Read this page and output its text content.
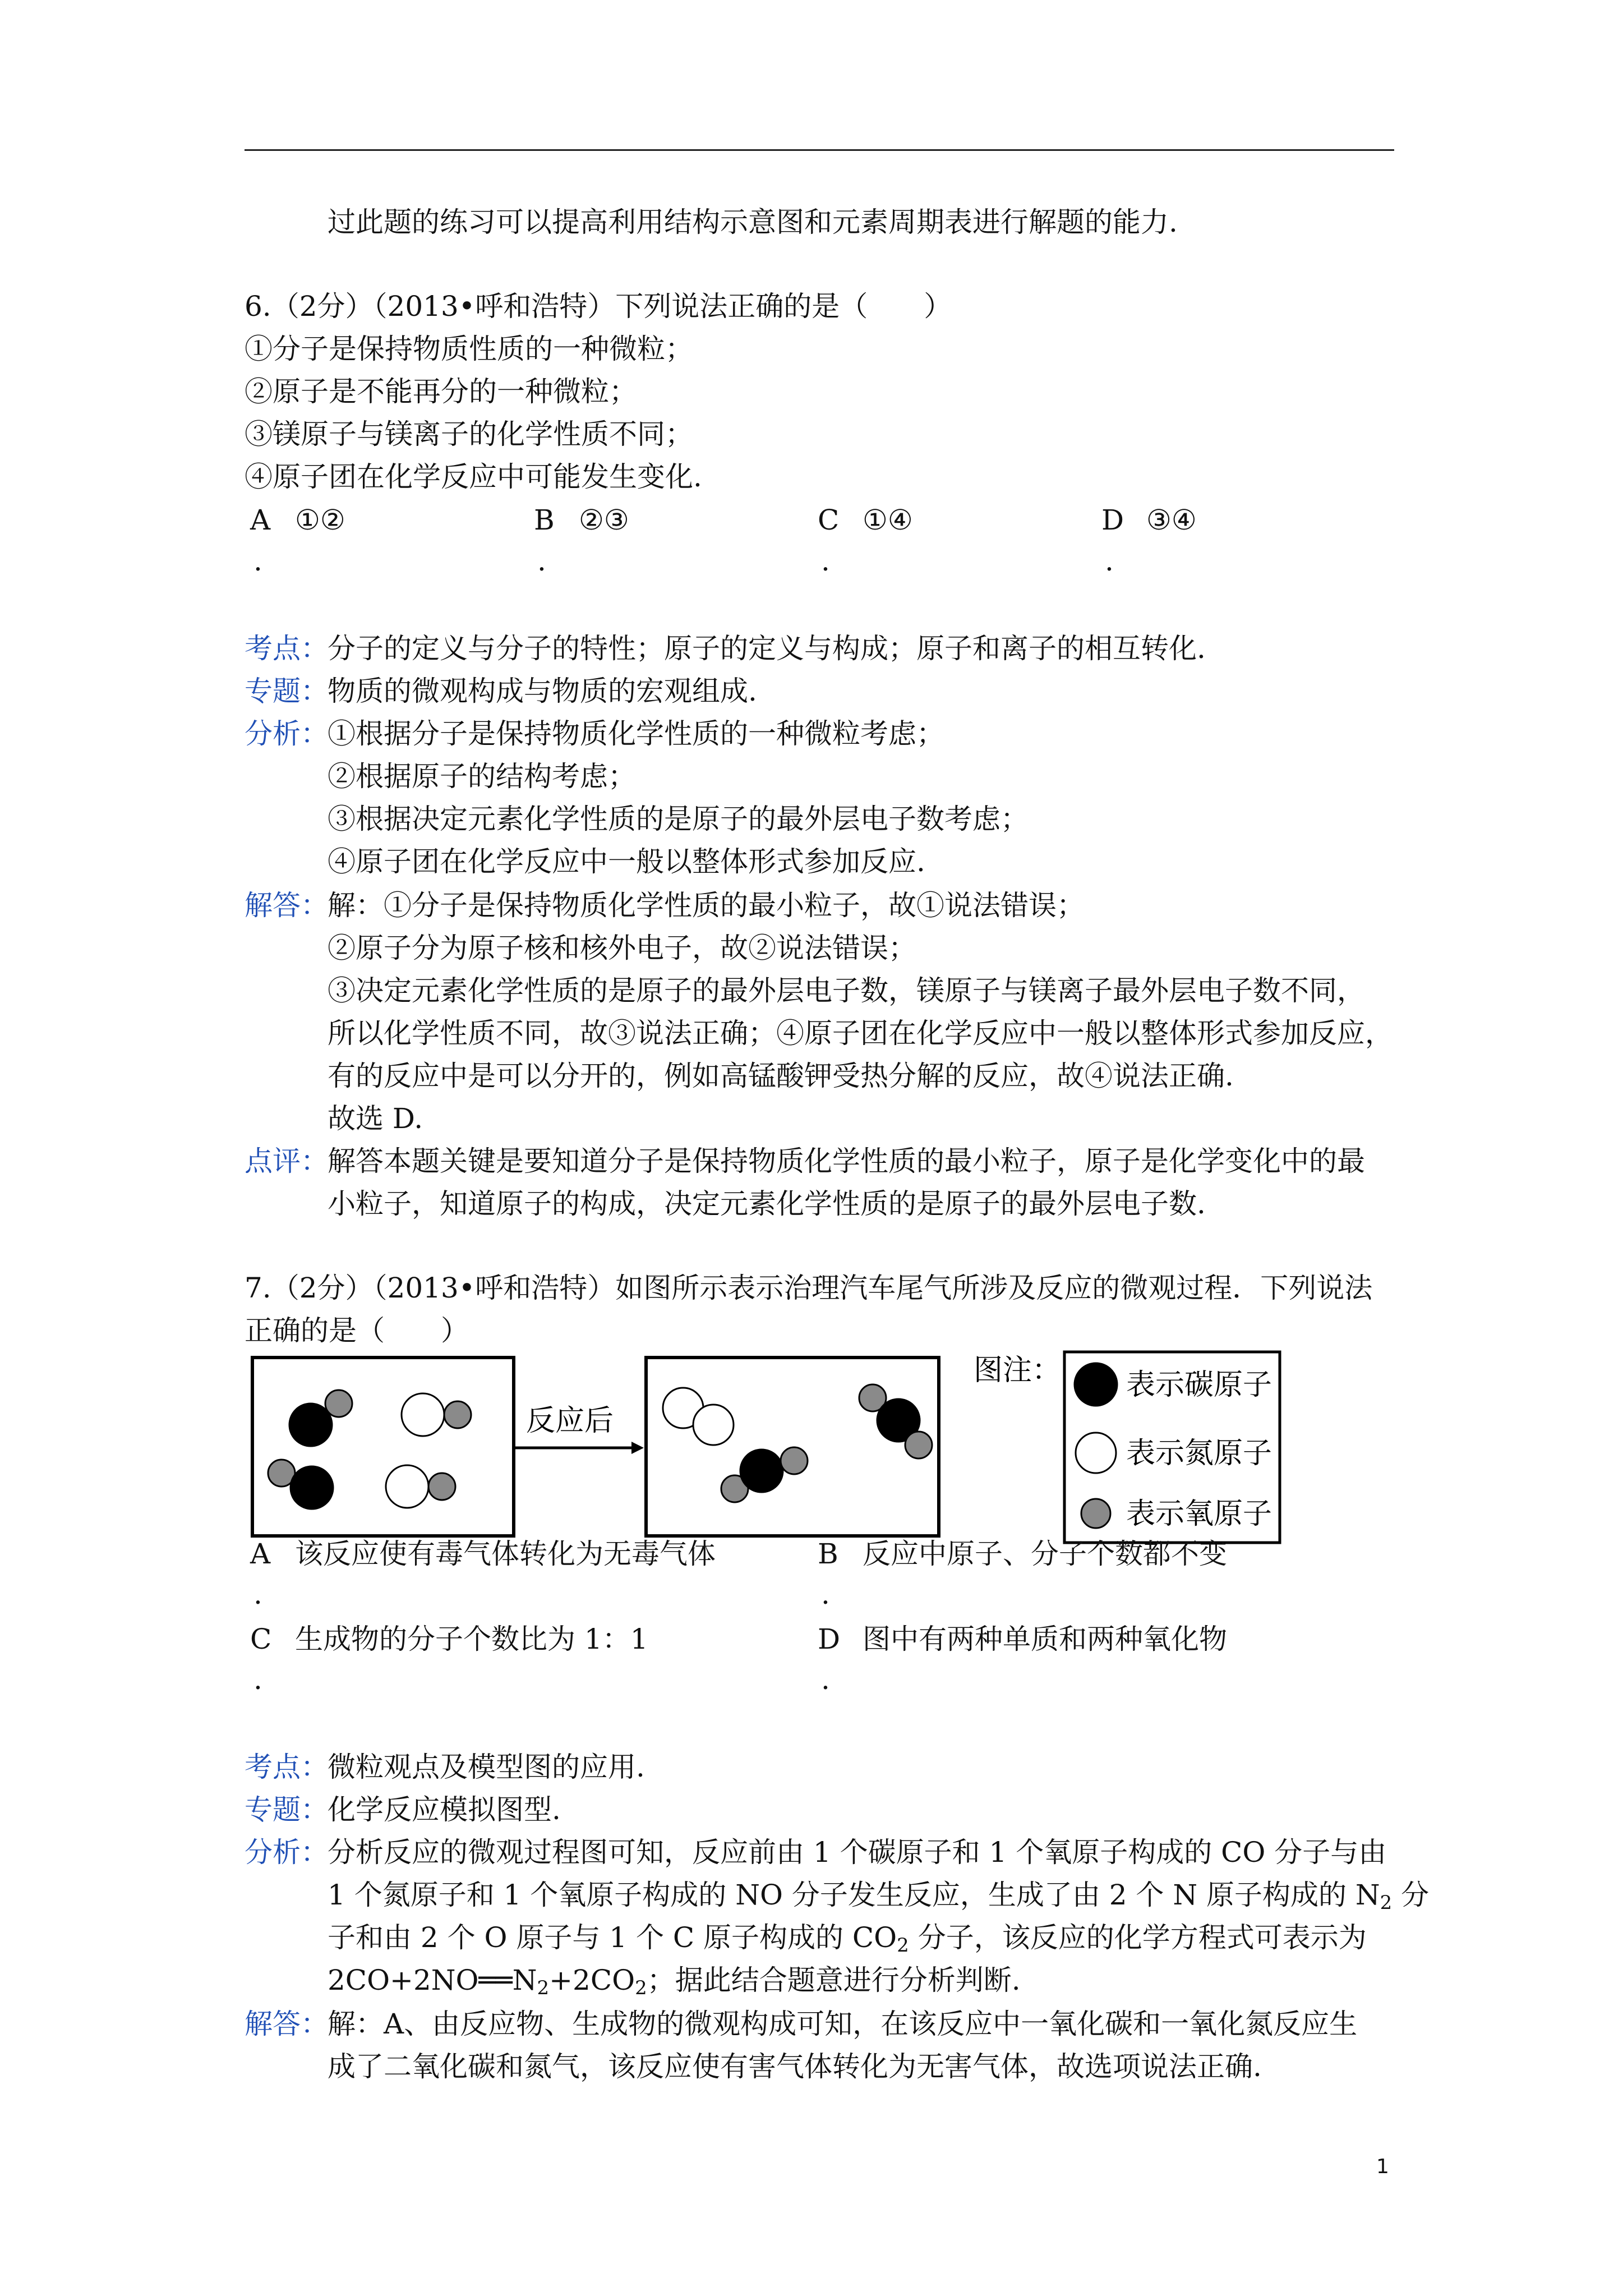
过此题的练习可以提高利用结构示意图和元素周期表进行解题的能力.
6.（2分）（2013•呼和浩特）下列说法正确的是（　　）
①分子是保持物质性质的一种微粒；
②原子是不能再分的一种微粒；
③镁原子与镁离子的化学性质不同；
④原子团在化学反应中可能发生变化.
A ①②
.
B ②③
.
C ①④
.
D ③④
.
考点：
分子的定义与分子的特性；原子的定义与构成；原子和离子的相互转化.
专题：
物质的微观构成与物质的宏观组成.
分析：
①根据分子是保持物质化学性质的一种微粒考虑；
②根据原子的结构考虑；
③根据决定元素化学性质的是原子的最外层电子数考虑；
④原子团在化学反应中一般以整体形式参加反应.
解答：
解：①分子是保持物质化学性质的最小粒子，故①说法错误；
②原子分为原子核和核外电子，故②说法错误；
③决定元素化学性质的是原子的最外层电子数，镁原子与镁离子最外层电子数不同，
所以化学性质不同，故③说法正确；④原子团在化学反应中一般以整体形式参加反应，
有的反应中是可以分开的，例如高锰酸钾受热分解的反应，故④说法正确.
故选 D.
点评：
解答本题关键是要知道分子是保持物质化学性质的最小粒子，原子是化学变化中的最
小粒子，知道原子的构成，决定元素化学性质的是原子的最外层电子数.
7.（2分）（2013•呼和浩特）如图所示表示治理汽车尾气所涉及反应的微观过程．下列说法
正确的是（　　）
反应后
图注： 表示碳原子
表示氮原子
表示氧原子
A 该反应使有毒气体转化为无毒气体
.
B 反应中原子、分子个数都不变
.
C 生成物的分子个数比为 1：1
.
D 图中有两种单质和两种氧化物
.
考点：
微粒观点及模型图的应用.
专题：
化学反应模拟图型.
分析：
分析反应的微观过程图可知，反应前由 1 个碳原子和 1 个氧原子构成的 CO 分子与由
1 个氮原子和 1 个氧原子构成的 NO 分子发生反应，生成了由 2 个 N 原子构成的 $N_2$ 分
子和由 2 个 O 原子与 1 个 C 原子构成的 $CO_2$ 分子，该反应的化学方程式可表示为
$2CO+2NO══N_2+2CO_2$；据此结合题意进行分析判断.
解答：
解：A、由反应物、生成物的微观构成可知，在该反应中一氧化碳和一氧化氮反应生
成了二氧化碳和氮气，该反应使有害气体转化为无害气体，故选项说法正确.
1
